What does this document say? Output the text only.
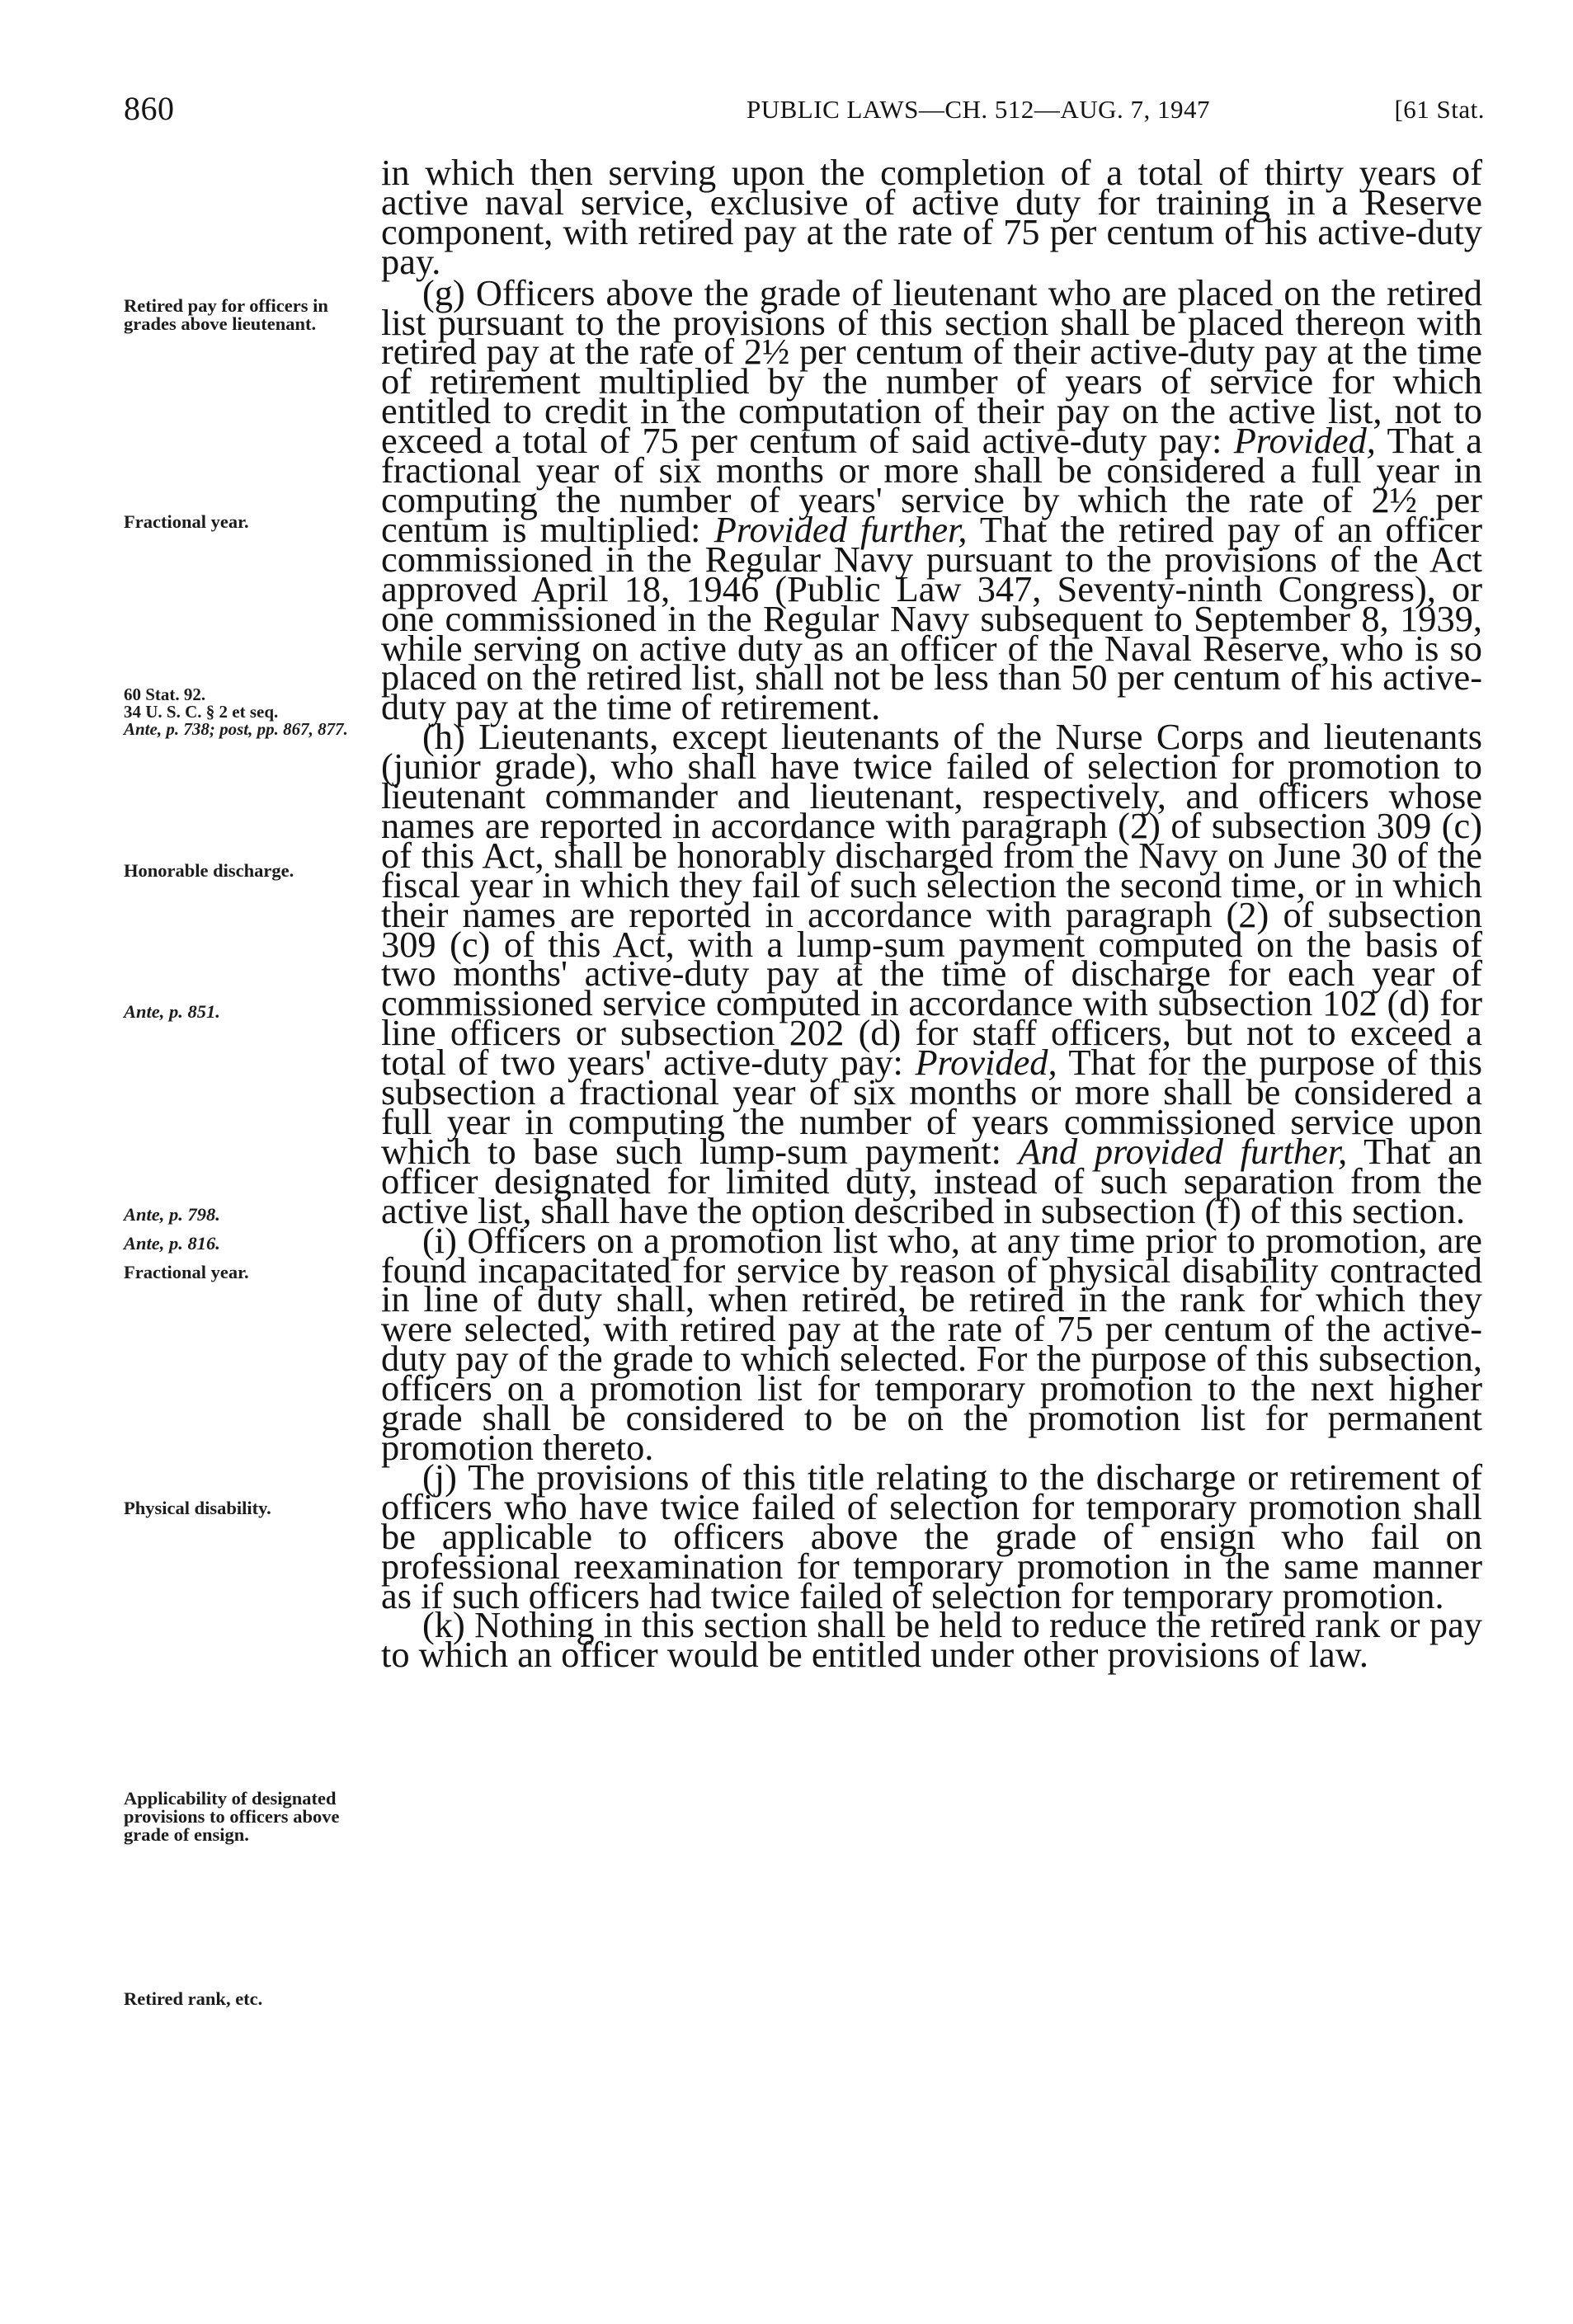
860	PUBLIC LAWS—CH. 512—AUG. 7, 1947	[61 Stat.
Retired pay for officers in grades above lieutenant.
Fractional year.
60 Stat. 92.
34 U. S. C. § 2 et seq.
Ante, p. 738; post, pp. 867, 877.
Honorable discharge.
Ante, p. 851.
Ante, p. 798.
Ante, p. 816.
Fractional year.
Physical disability.
Applicability of designated provisions to officers above grade of ensign.
Retired rank, etc.

in which then serving upon the completion of a total of thirty years of active naval service, exclusive of active duty for training in a Reserve component, with retired pay at the rate of 75 per centum of his active-duty pay.

(g) Officers above the grade of lieutenant who are placed on the retired list pursuant to the provisions of this section shall be placed thereon with retired pay at the rate of 2½ per centum of their active-duty pay at the time of retirement multiplied by the number of years of service for which entitled to credit in the computation of their pay on the active list, not to exceed a total of 75 per centum of said active-duty pay: Provided, That a fractional year of six months or more shall be considered a full year in computing the number of years' service by which the rate of 2½ per centum is multiplied: Provided further, That the retired pay of an officer commissioned in the Regular Navy pursuant to the provisions of the Act approved April 18, 1946 (Public Law 347, Seventy-ninth Congress), or one commissioned in the Regular Navy subsequent to September 8, 1939, while serving on active duty as an officer of the Naval Reserve, who is so placed on the retired list, shall not be less than 50 per centum of his active-duty pay at the time of retirement.

(h) Lieutenants, except lieutenants of the Nurse Corps and lieutenants (junior grade), who shall have twice failed of selection for promotion to lieutenant commander and lieutenant, respectively, and officers whose names are reported in accordance with paragraph (2) of subsection 309 (c) of this Act, shall be honorably discharged from the Navy on June 30 of the fiscal year in which they fail of such selection the second time, or in which their names are reported in accordance with paragraph (2) of subsection 309 (c) of this Act, with a lump-sum payment computed on the basis of two months' active-duty pay at the time of discharge for each year of commissioned service computed in accordance with subsection 102 (d) for line officers or subsection 202 (d) for staff officers, but not to exceed a total of two years' active-duty pay: Provided, That for the purpose of this subsection a fractional year of six months or more shall be considered a full year in computing the number of years commissioned service upon which to base such lump-sum payment: And provided further, That an officer designated for limited duty, instead of such separation from the active list, shall have the option described in subsection (f) of this section.

(i) Officers on a promotion list who, at any time prior to promotion, are found incapacitated for service by reason of physical disability contracted in line of duty shall, when retired, be retired in the rank for which they were selected, with retired pay at the rate of 75 per centum of the active-duty pay of the grade to which selected. For the purpose of this subsection, officers on a promotion list for temporary promotion to the next higher grade shall be considered to be on the promotion list for permanent promotion thereto.

(j) The provisions of this title relating to the discharge or retirement of officers who have twice failed of selection for temporary promotion shall be applicable to officers above the grade of ensign who fail on professional reexamination for temporary promotion in the same manner as if such officers had twice failed of selection for temporary promotion.

(k) Nothing in this section shall be held to reduce the retired rank or pay to which an officer would be entitled under other provisions of law.
